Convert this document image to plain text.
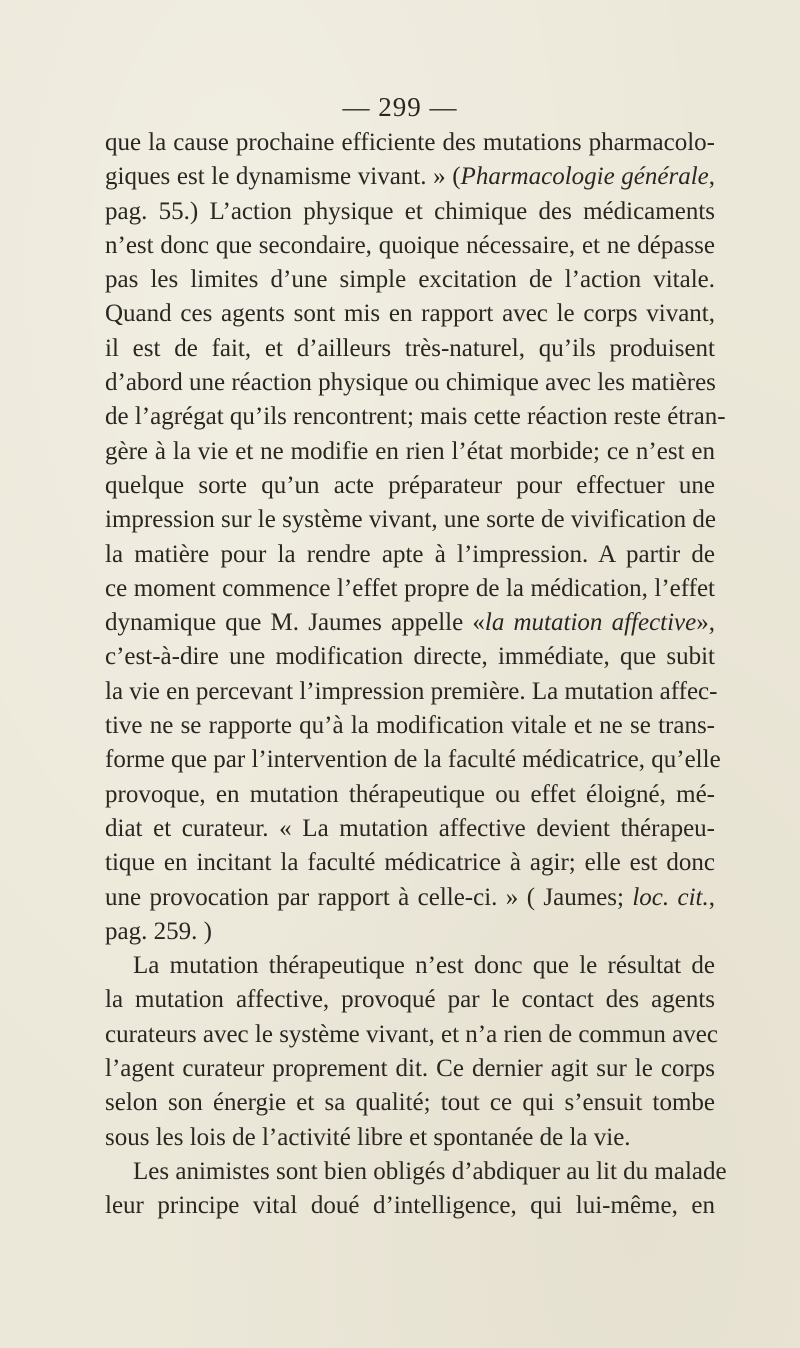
— 299 —
que la cause prochaine efficiente des mutations pharmacolo-
giques est le dynamisme vivant. » (Pharmacologie générale,
pag. 55.) L’action physique et chimique des médicaments
n’est donc que secondaire, quoique nécessaire, et ne dépasse
pas les limites d’une simple excitation de l’action vitale.
Quand ces agents sont mis en rapport avec le corps vivant,
il est de fait, et d’ailleurs très-naturel, qu’ils produisent
d’abord une réaction physique ou chimique avec les matières
de l’agrégat qu’ils rencontrent; mais cette réaction reste étran-
gère à la vie et ne modifie en rien l’état morbide; ce n’est en
quelque sorte qu’un acte préparateur pour effectuer une
impression sur le système vivant, une sorte de vivification de
la matière pour la rendre apte à l’impression. A partir de
ce moment commence l’effet propre de la médication, l’effet
dynamique que M. Jaumes appelle «la mutation affective»,
c’est-à-dire une modification directe, immédiate, que subit
la vie en percevant l’impression première. La mutation affec-
tive ne se rapporte qu’à la modification vitale et ne se trans-
forme que par l’intervention de la faculté médicatrice, qu’elle
provoque, en mutation thérapeutique ou effet éloigné, mé-
diat et curateur. « La mutation affective devient thérapeu-
tique en incitant la faculté médicatrice à agir; elle est donc
une provocation par rapport à celle-ci. » ( Jaumes; loc. cit.,
pag. 259. )
La mutation thérapeutique n’est donc que le résultat de
la mutation affective, provoqué par le contact des agents
curateurs avec le système vivant, et n’a rien de commun avec
l’agent curateur proprement dit. Ce dernier agit sur le corps
selon son énergie et sa qualité; tout ce qui s’ensuit tombe
sous les lois de l’activité libre et spontanée de la vie.
Les animistes sont bien obligés d’abdiquer au lit du malade
leur principe vital doué d’intelligence, qui lui-même, en
